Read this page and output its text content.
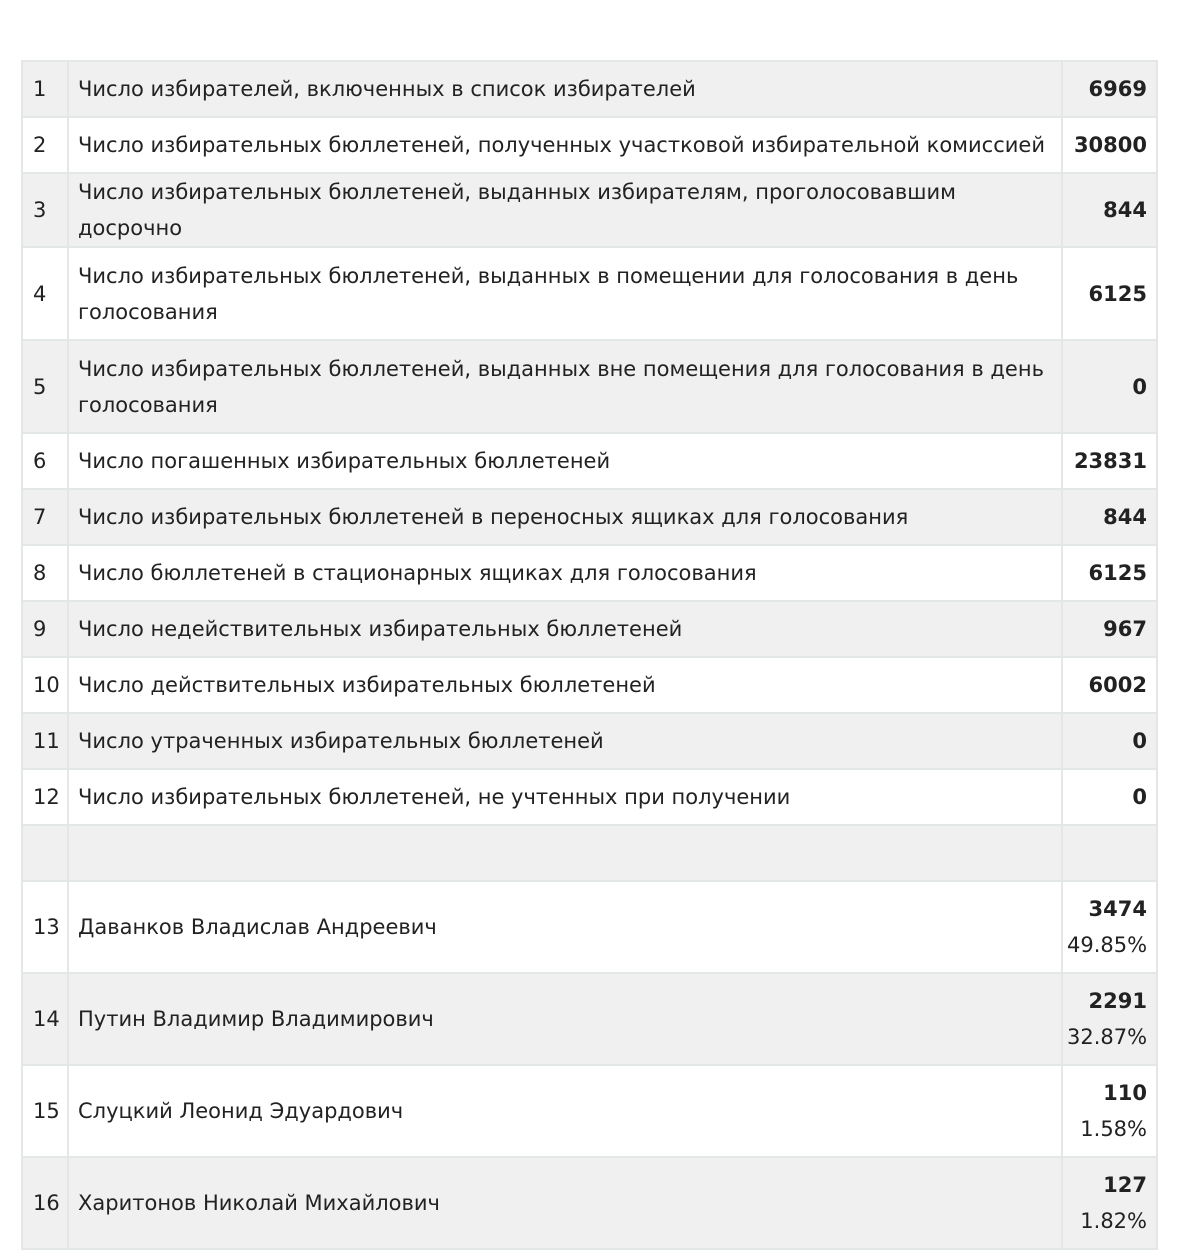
1	Число избирателей, включенных в список избирателей	6969

2	Число избирательных бюллетеней, полученных участковой избирательной комиссией	30800

3	Число избирательных бюллетеней, выданных избирателям, проголосовавшим досрочно	844

4	Число избирательных бюллетеней, выданных в помещении для голосования в день голосования	6125

5	Число избирательных бюллетеней, выданных вне помещения для голосования в день голосования	0

6	Число погашенных избирательных бюллетеней	23831

7	Число избирательных бюллетеней в переносных ящиках для голосования	844

8	Число бюллетеней в стационарных ящиках для голосования	6125

9	Число недействительных избирательных бюллетеней	967

10	Число действительных избирательных бюллетеней	6002

11	Число утраченных избирательных бюллетеней	0

12	Число избирательных бюллетеней, не учтенных при получении	0

13	Даванков Владислав Андреевич	3474
49.85%

14	Путин Владимир Владимирович	2291
32.87%

15	Слуцкий Леонид Эдуардович	110
1.58%

16	Харитонов Николай Михайлович	127
1.82%
